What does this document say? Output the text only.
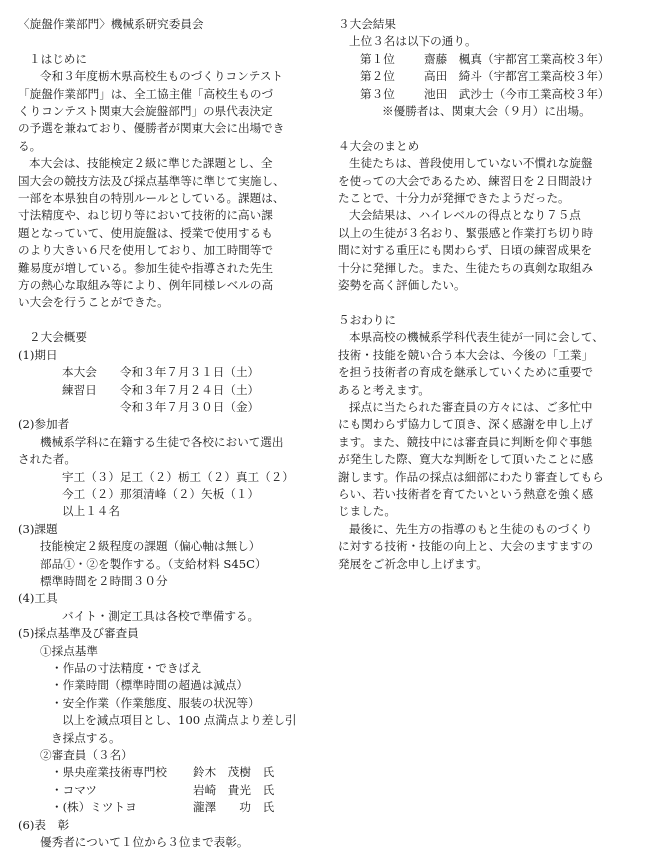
〈旋盤作業部門〉機械系研究委員会

１はじめに

令和３年度栃木県高校生ものづくりコンテスト

「旋盤作業部門」は、全工協主催「高校生ものづ

くりコンテスト関東大会旋盤部門」の県代表決定

の予選を兼ねており、優勝者が関東大会に出場でき

る。

本大会は、技能検定２級に準じた課題とし、全

国大会の競技方法及び採点基準等に準じて実施し、

一部を本県独自の特別ルールとしている。課題は、

寸法精度や、ねじ切り等において技術的に高い課

題となっていて、使用旋盤は、授業で使用するも

のより大きい６尺を使用しており、加工時間等で

難易度が増している。参加生徒や指導された先生

方の熱心な取組み等により、例年同様レベルの高

い大会を行うことができた。

２大会概要

(1)期日

本大会 令和３年７月３１日（土）

練習日 令和３年７月２４日（土）

令和３年７月３０日（金）

(2)参加者

機械系学科に在籍する生徒で各校において選出

された者。

宇工（３）足工（２）栃工（２）真工（２）

今工（２）那須清峰（２）矢板（１）

以上１４名

(3)課題

技能検定２級程度の課題（偏心軸は無し）

部品①・②を製作する。（支給材料 S45C）

標準時間を２時間３０分

(4)工具

バイト・測定工具は各校で準備する。

(5)採点基準及び審査員

①採点基準

・作品の寸法精度・できばえ

・作業時間（標準時間の超過は減点）

・安全作業（作業態度、服装の状況等）

以上を減点項目とし、100 点満点より差し引

き採点する。

②審査員（３名）

・県央産業技術専門校 鈴木　茂樹　氏

・コマツ	岩崎　貴光　氏

・(株）ミツトヨ	瀧澤　　功　氏

(6)表　彰

優秀者について１位から３位まで表彰。

３大会結果

上位３名は以下の通り。

第１位	齋藤　楓真（宇都宮工業高校３年）

第２位	高田　綺斗（宇都宮工業高校３年）

第３位	池田　武沙士（今市工業高校３年）

※優勝者は、関東大会（９月）に出場。

４大会のまとめ

生徒たちは、普段使用していない不慣れな旋盤

を使っての大会であるため、練習日を２日間設け

たことで、十分力が発揮できたようだった。

大会結果は、ハイレベルの得点となり７５点

以上の生徒が３名おり、緊張感と作業打ち切り時

間に対する重圧にも関わらず、日頃の練習成果を

十分に発揮した。また、生徒たちの真剣な取組み

姿勢を高く評価したい。

５おわりに

本県高校の機械系学科代表生徒が一同に会して、

技術・技能を競い合う本大会は、今後の「工業」

を担う技術者の育成を継承していくために重要で

あると考えます。

採点に当たられた審査員の方々には、ご多忙中

にも関わらず協力して頂き、深く感謝を申し上げ

ます。また、競技中には審査員に判断を仰ぐ事態

が発生した際、寛大な判断をして頂いたことに感

謝します。作品の採点は細部にわたり審査してもら

らい、若い技術者を育てたいという熱意を強く感

じました。

最後に、先生方の指導のもと生徒のものづくり

に対する技術・技能の向上と、大会のますますの

発展をご祈念申し上げます。
